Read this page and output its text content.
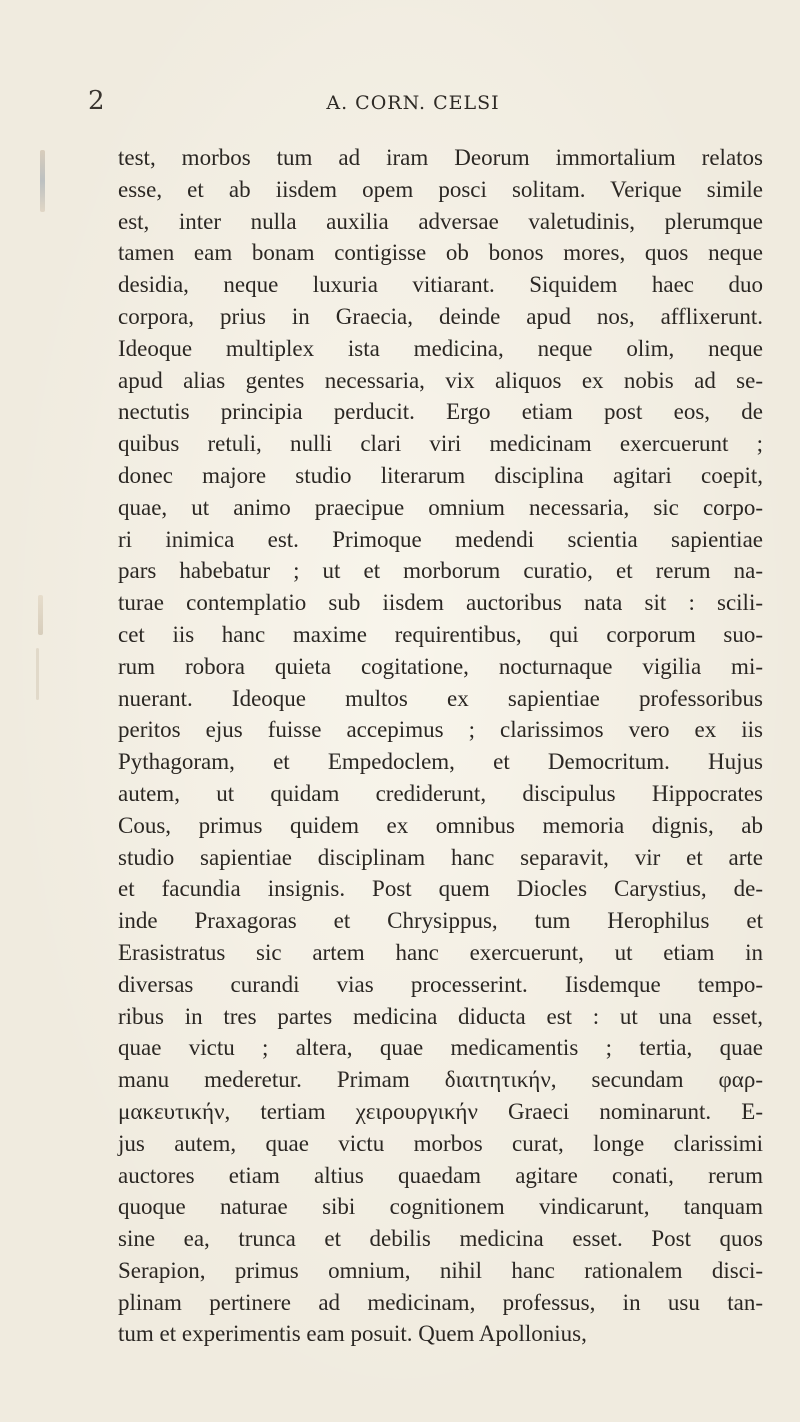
2	A. CORN. CELSI
test, morbos tum ad iram Deorum immortalium relatos
esse, et ab iisdem opem posci solitam. Verique simile
est, inter nulla auxilia adversae valetudinis, plerumque
tamen eam bonam contigisse ob bonos mores, quos neque
desidia, neque luxuria vitiarant. Siquidem haec duo
corpora, prius in Graecia, deinde apud nos, afflixerunt.
Ideoque multiplex ista medicina, neque olim, neque
apud alias gentes necessaria, vix aliquos ex nobis ad se-
nectutis principia perducit. Ergo etiam post eos, de
quibus retuli, nulli clari viri medicinam exercuerunt ;
donec majore studio literarum disciplina agitari coepit,
quae, ut animo praecipue omnium necessaria, sic corpo-
ri inimica est. Primoque medendi scientia sapientiae
pars habebatur ; ut et morborum curatio, et rerum na-
turae contemplatio sub iisdem auctoribus nata sit : scili-
cet iis hanc maxime requirentibus, qui corporum suo-
rum robora quieta cogitatione, nocturnaque vigilia mi-
nuerant. Ideoque multos ex sapientiae professoribus
peritos ejus fuisse accepimus ; clarissimos vero ex iis
Pythagoram, et Empedoclem, et Democritum. Hujus
autem, ut quidam crediderunt, discipulus Hippocrates
Cous, primus quidem ex omnibus memoria dignis, ab
studio sapientiae disciplinam hanc separavit, vir et arte
et facundia insignis. Post quem Diocles Carystius, de-
inde Praxagoras et Chrysippus, tum Herophilus et
Erasistratus sic artem hanc exercuerunt, ut etiam in
diversas curandi vias processerint. Iisdemque tempo-
ribus in tres partes medicina diducta est : ut una esset,
quae victu ; altera, quae medicamentis ; tertia, quae
manu mederetur. Primam διαιτητικήν, secundam φαρ-
μακευτικήν, tertiam χειρουργικήν Graeci nominarunt. E-
jus autem, quae victu morbos curat, longe clarissimi
auctores etiam altius quaedam agitare conati, rerum
quoque naturae sibi cognitionem vindicarunt, tanquam
sine ea, trunca et debilis medicina esset. Post quos
Serapion, primus omnium, nihil hanc rationalem disci-
plinam pertinere ad medicinam, professus, in usu tan-
tum et experimentis eam posuit. Quem Apollonius,
